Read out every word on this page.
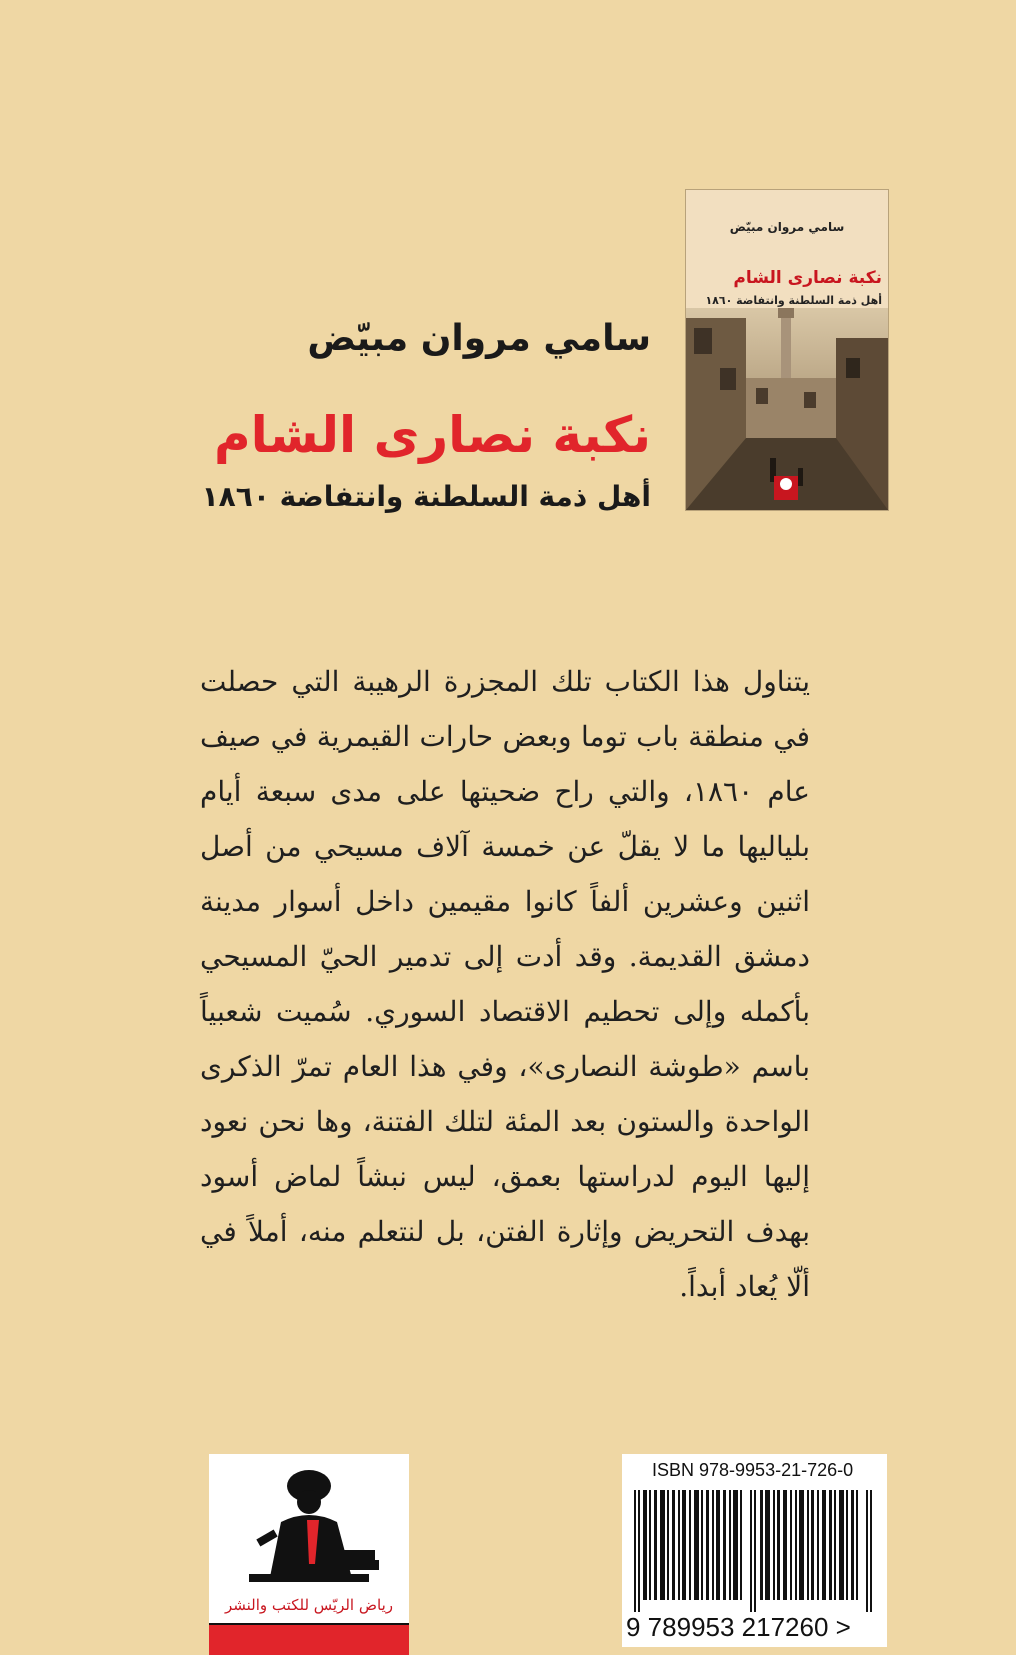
سامي مروان مبيّض
نكبة نصارى الشام
أهل ذمة السلطنة وانتفاضة ١٨٦٠
سامي مروان مبيّض
نكبة نصارى الشام
أهل ذمة السلطنة وانتفاضة ١٨٦٠
يتناول هذا الكتاب تلك المجزرة الرهيبة التي حصلت في منطقة باب توما وبعض حارات القيمرية في صيف عام ١٨٦٠، والتي راح ضحيتها على مدى سبعة أيام بلياليها ما لا يقلّ عن خمسة آلاف مسيحي من أصل اثنين وعشرين ألفاً كانوا مقيمين داخل أسوار مدينة دمشق القديمة. وقد أدت إلى تدمير الحيّ المسيحي بأكمله وإلى تحطيم الاقتصاد السوري. سُميت شعبياً باسم «طوشة النصارى»، وفي هذا العام تمرّ الذكرى الواحدة والستون بعد المئة لتلك الفتنة، وها نحن نعود إليها اليوم لدراستها بعمق، ليس نبشاً لماض أسود بهدف التحريض وإثارة الفتن، بل لنتعلم منه، أملاً في ألّا يُعاد أبداً.
رياض الريّس للكتب والنشر
ISBN 978-9953-21-726-0
9 789953 217260 >
